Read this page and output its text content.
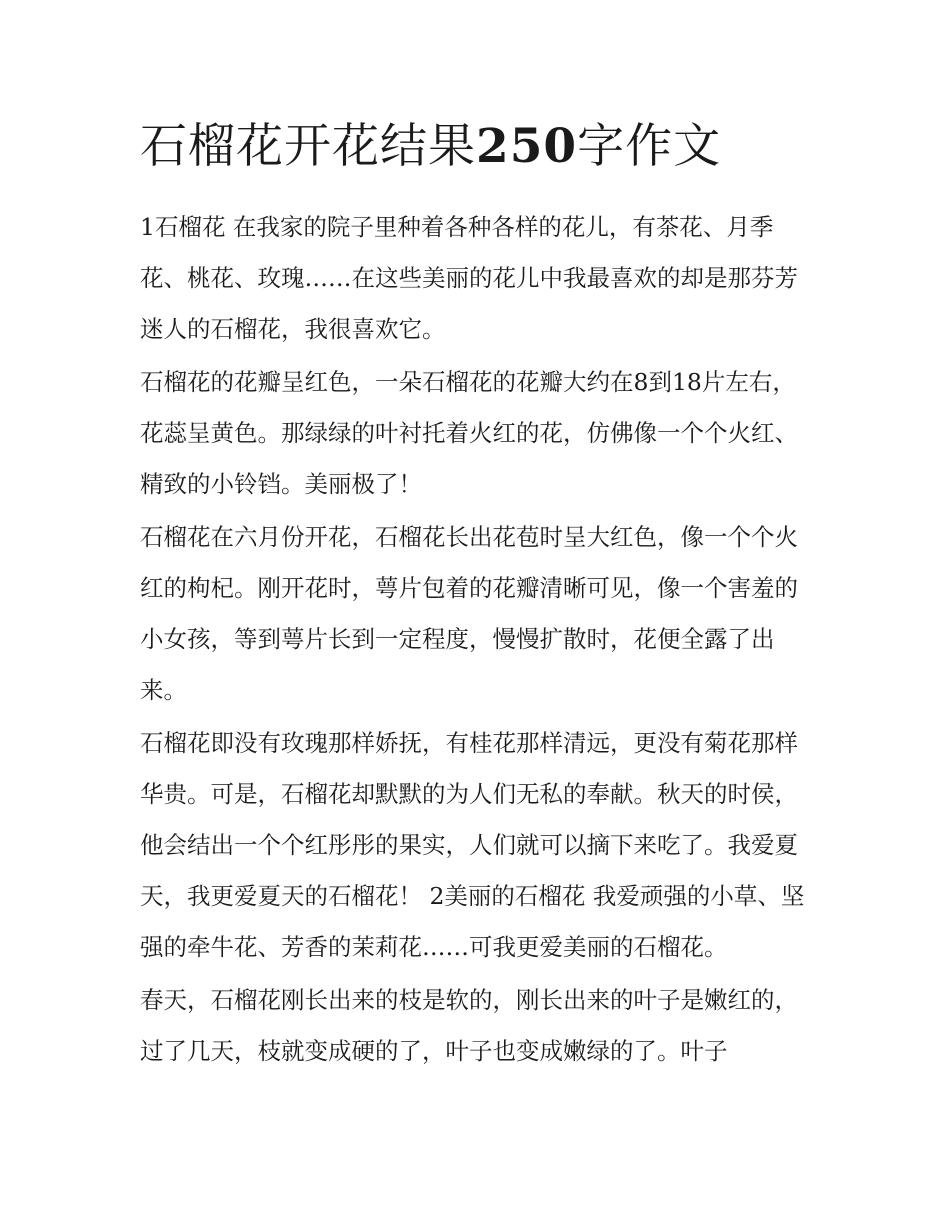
石榴花开花结果250字作文

1石榴花 在我家的院子里种着各种各样的花儿，有茶花、月季花、桃花、玫瑰……在这些美丽的花儿中我最喜欢的却是那芬芳迷人的石榴花，我很喜欢它。

石榴花的花瓣呈红色，一朵石榴花的花瓣大约在8到18片左右，花蕊呈黄色。那绿绿的叶衬托着火红的花，仿佛像一个个火红、精致的小铃铛。美丽极了！

石榴花在六月份开花，石榴花长出花苞时呈大红色，像一个个火红的枸杞。刚开花时，萼片包着的花瓣清晰可见，像一个害羞的小女孩，等到萼片长到一定程度，慢慢扩散时，花便全露了出来。

石榴花即没有玫瑰那样娇抚，有桂花那样清远，更没有菊花那样华贵。可是，石榴花却默默的为人们无私的奉献。秋天的时侯，他会结出一个个红彤彤的果实，人们就可以摘下来吃了。我爱夏天，我更爱夏天的石榴花！ 2美丽的石榴花 我爱顽强的小草、坚强的牵牛花、芳香的茉莉花……可我更爱美丽的石榴花。

春天，石榴花刚长出来的枝是软的，刚长出来的叶子是嫩红的，过了几天，枝就变成硬的了，叶子也变成嫩绿的了。叶子
